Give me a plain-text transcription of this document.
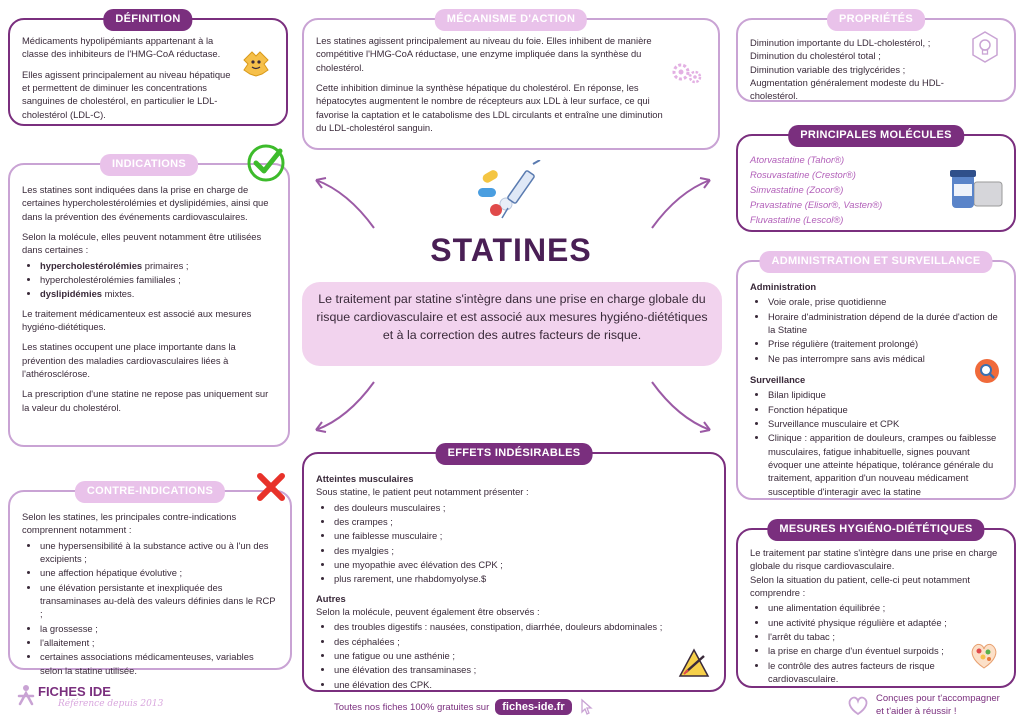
DÉFINITION

Médicaments hypolipémiants appartenant à la classe des inhibiteurs de l'HMG-CoA réductase.

Elles agissent principalement au niveau hépatique et permettent de diminuer les concentrations sanguines de cholestérol, en particulier le LDL-cholestérol (LDL-C).

MÉCANISME D'ACTION

Les statines agissent principalement au niveau du foie. Elles inhibent de manière compétitive l'HMG-CoA réductase, une enzyme impliquée dans la synthèse du cholestérol.

Cette inhibition diminue la synthèse hépatique du cholestérol. En réponse, les hépatocytes augmentent le nombre de récepteurs aux LDL à leur surface, ce qui favorise la captation et le catabolisme des LDL circulants et entraîne une diminution du LDL-cholestérol sanguin.

PROPRIÉTÉS
Diminution importante du LDL-cholestérol, ;
Diminution du cholestérol total ;
Diminution variable des triglycérides ;
Augmentation généralement modeste du HDL-cholestérol.
INDICATIONS

Les statines sont indiquées dans la prise en charge de certaines hypercholestérolémies et dyslipidémies, ainsi que dans la prévention des événements cardiovasculaires.

Selon la molécule, elles peuvent notamment être utilisées dans certaines :

• hypercholestérolémies primaires ;
• hypercholestérolémies familiales ;
• dyslipidémies mixtes.

Le traitement médicamenteux est associé aux mesures hygiéno-diététiques.

Les statines occupent une place importante dans la prévention des maladies cardiovasculaires liées à l'athérosclérose.

La prescription d'une statine ne repose pas uniquement sur la valeur du cholestérol.

PRINCIPALES MOLÉCULES
Atorvastatine (Tahor®)
Rosuvastatine (Crestor®)
Simvastatine (Zocor®)
Pravastatine (Elisor®, Vasten®)
Fluvastatine (Lescol®)
STATINES
Le traitement par statine s'intègre dans une prise en charge globale du risque cardiovasculaire et est associé aux mesures hygiéno-diététiques et à la correction des autres facteurs de risque.
ADMINISTRATION ET SURVEILLANCE
Administration
• Voie orale, prise quotidienne
• Horaire d'administration dépend de la durée d'action de la Statine
• Prise régulière (traitement prolongé)
• Ne pas interrompre sans avis médical
Surveillance
• Bilan lipidique
• Fonction hépatique
• Surveillance musculaire et CPK
• Clinique : apparition de douleurs, crampes ou faiblesse musculaires, fatigue inhabituelle, signes pouvant évoquer une atteinte hépatique, tolérance générale du traitement, apparition d'un nouveau médicament susceptible d'interagir avec la statine
CONTRE-INDICATIONS

Selon les statines, les principales contre-indications comprennent notamment :

• une hypersensibilité à la substance active ou à l'un des excipients ;
• une affection hépatique évolutive ;
• une élévation persistante et inexpliquée des transaminases au-delà des valeurs définies dans le RCP ;
• la grossesse ;
• l'allaitement ;
• certaines associations médicamenteuses, variables selon la statine utilisée.
EFFETS INDÉSIRABLES
Atteintes musculaires
Sous statine, le patient peut notamment présenter :
• des douleurs musculaires ;
• des crampes ;
• une faiblesse musculaire ;
• des myalgies ;
• une myopathie avec élévation des CPK ;
• plus rarement, une rhabdomyolyse.$
Autres
Selon la molécule, peuvent également être observés :
• des troubles digestifs : nausées, constipation, diarrhée, douleurs abdominales ;
• des céphalées ;
• une fatigue ou une asthénie ;
• une élévation des transaminases ;
• une élévation des CPK.
MESURES HYGIÉNO-DIÉTÉTIQUES
Le traitement par statine s'intègre dans une prise en charge globale du risque cardiovasculaire.
Selon la situation du patient, celle-ci peut notamment comprendre :
• une alimentation équilibrée ;
• une activité physique régulière et adaptée ;
• l'arrêt du tabac ;
• la prise en charge d'un éventuel surpoids ;
• le contrôle des autres facteurs de risque cardiovasculaire.
FICHES IDE
Référence depuis 2013	Toutes nos fiches 100% gratuites sur	fiches-ide.fr
Conçues pour t'accompagner
et t'aider à réussir !
